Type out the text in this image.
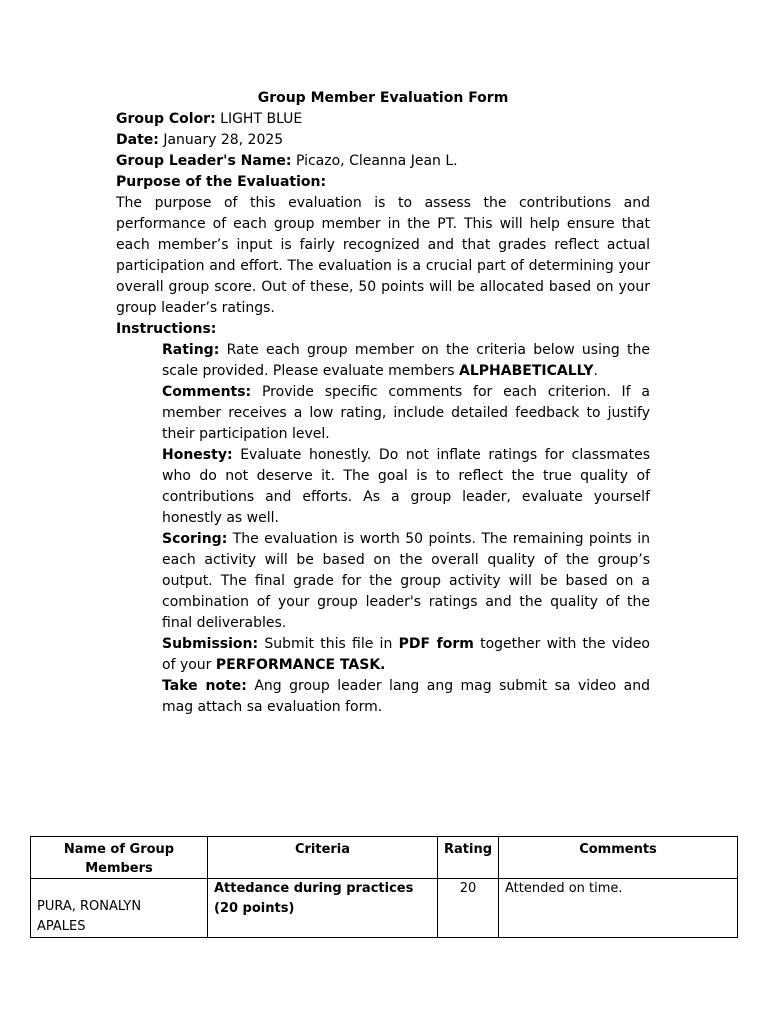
Group Member Evaluation Form

Group Color: LIGHT BLUE

Date: January 28, 2025

Group Leader's Name: Picazo, Cleanna Jean L.

Purpose of the Evaluation:

The purpose of this evaluation is to assess the contributions and performance of each group member in the PT. This will help ensure that each member’s input is fairly recognized and that grades reflect actual participation and effort. The evaluation is a crucial part of determining your overall group score. Out of these, 50 points will be allocated based on your group leader’s ratings.

Instructions:

Rating: Rate each group member on the criteria below using the scale provided. Please evaluate members ALPHABETICALLY.

Comments: Provide specific comments for each criterion. If a member receives a low rating, include detailed feedback to justify their participation level.

Honesty: Evaluate honestly. Do not inflate ratings for classmates who do not deserve it. The goal is to reflect the true quality of contributions and efforts. As a group leader, evaluate yourself honestly as well.

Scoring: The evaluation is worth 50 points. The remaining points in each activity will be based on the overall quality of the group’s output. The final grade for the group activity will be based on a combination of your group leader's ratings and the quality of the final deliverables.

Submission: Submit this file in PDF form together with the video of your PERFORMANCE TASK.

Take note: Ang group leader lang ang mag submit sa video and mag attach sa evaluation form.

Name of Group Members	Criteria	Rating	Comments

PURA, RONALYN APALES	Attedance during practices (20 points)	20	Attended on time.
